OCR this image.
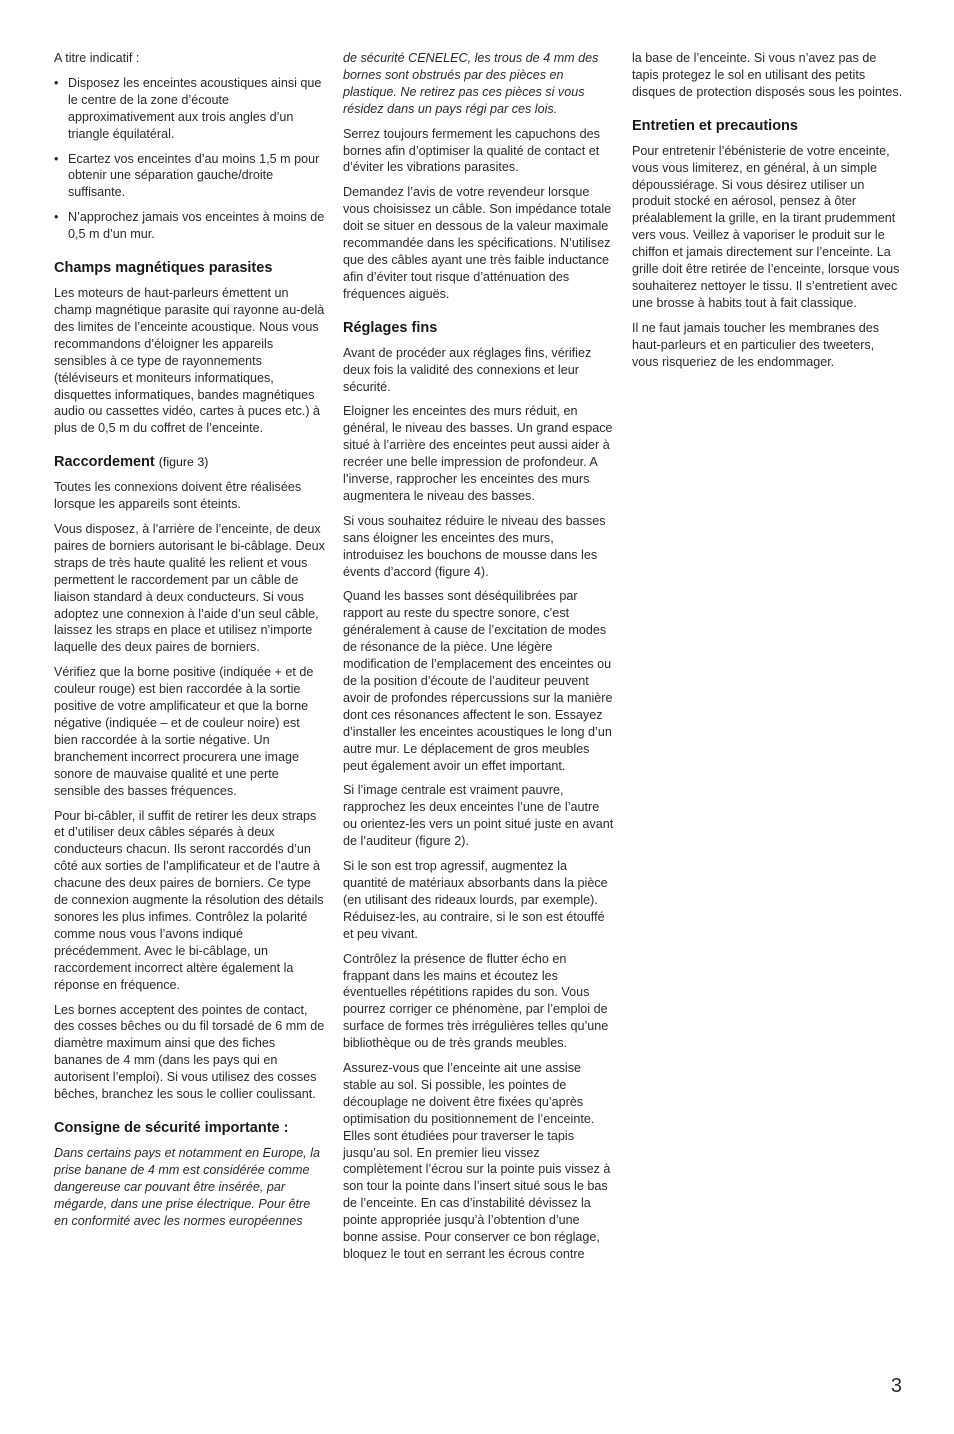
A titre indicatif :

• Disposez les enceintes acoustiques ainsi que le centre de la zone d’écoute approximativement aux trois angles d’un triangle équilatéral.
• Ecartez vos enceintes d’au moins 1,5 m pour obtenir une séparation gauche/droite suffisante.
• N’approchez jamais vos enceintes à moins de 0,5 m d’un mur.
Champs magnétiques parasites

Les moteurs de haut-parleurs émettent un champ magnétique parasite qui rayonne au-delà des limites de l’enceinte acoustique. Nous vous recommandons d’éloigner les appareils sensibles à ce type de rayonnements (téléviseurs et moniteurs informatiques, disquettes informatiques, bandes magnétiques audio ou cassettes vidéo, cartes à puces etc.) à plus de 0,5 m du coffret de l’enceinte.

Raccordement (figure 3)

Toutes les connexions doivent être réalisées lorsque les appareils sont éteints.

Vous disposez, à l’arrière de l’enceinte, de deux paires de borniers autorisant le bi-câblage. Deux straps de très haute qualité les relient et vous permettent le raccordement par un câble de liaison standard à deux conducteurs. Si vous adoptez une connexion à l’aide d’un seul câble, laissez les straps en place et utilisez n’importe laquelle des deux paires de borniers.

Vérifiez que la borne positive (indiquée + et de couleur rouge) est bien raccordée à la sortie positive de votre amplificateur et que la borne négative (indiquée – et de couleur noire) est bien raccordée à la sortie négative. Un branchement incorrect procurera une image sonore de mauvaise qualité et une perte sensible des basses fréquences.

Pour bi-câbler, il suffit de retirer les deux straps et d’utiliser deux câbles séparés à deux conducteurs chacun. Ils seront raccordés d’un côté aux sorties de l’amplificateur et de l’autre à chacune des deux paires de borniers. Ce type de connexion augmente la résolution des détails sonores les plus infimes. Contrôlez la polarité comme nous vous l’avons indiqué précédemment. Avec le bi-câblage, un raccordement incorrect altère également la réponse en fréquence.

Les bornes acceptent des pointes de contact, des cosses bêches ou du fil torsadé de 6 mm de diamètre maximum ainsi que des fiches bananes de 4 mm (dans les pays qui en autorisent l’emploi). Si vous utilisez des cosses bêches, branchez les sous le collier coulissant.

Consigne de sécurité importante :

Dans certains pays et notamment en Europe, la prise banane de 4 mm est considérée comme dangereuse car pouvant être insérée, par mégarde, dans une prise électrique. Pour être en conformité avec les normes européennes

de sécurité CENELEC, les trous de 4 mm des bornes sont obstrués par des pièces en plastique. Ne retirez pas ces pièces si vous résidez dans un pays régi par ces lois.

Serrez toujours fermement les capuchons des bornes afin d’optimiser la qualité de contact et d’éviter les vibrations parasites.

Demandez l’avis de votre revendeur lorsque vous choisissez un câble. Son impédance totale doit se situer en dessous de la valeur maximale recommandée dans les spécifications. N’utilisez que des câbles ayant une très faible inductance afin d’éviter tout risque d’atténuation des fréquences aiguës.

Réglages fins

Avant de procéder aux réglages fins, vérifiez deux fois la validité des connexions et leur sécurité.

Eloigner les enceintes des murs réduit, en général, le niveau des basses. Un grand espace situé à l’arrière des enceintes peut aussi aider à recréer une belle impression de profondeur. A l’inverse, rapprocher les enceintes des murs augmentera le niveau des basses.

Si vous souhaitez réduire le niveau des basses sans éloigner les enceintes des murs, introduisez les bouchons de mousse dans les évents d’accord (figure 4).

Quand les basses sont déséquilibrées par rapport au reste du spectre sonore, c’est généralement à cause de l’excitation de modes de résonance de la pièce. Une légère modification de l’emplacement des enceintes ou de la position d’écoute de l’auditeur peuvent avoir de profondes répercussions sur la manière dont ces résonances affectent le son. Essayez d’installer les enceintes acoustiques le long d’un autre mur. Le déplacement de gros meubles peut également avoir un effet important.

Si l’image centrale est vraiment pauvre, rapprochez les deux enceintes l’une de l’autre ou orientez-les vers un point situé juste en avant de l’auditeur (figure 2).

Si le son est trop agressif, augmentez la quantité de matériaux absorbants dans la pièce (en utilisant des rideaux lourds, par exemple). Réduisez-les, au contraire, si le son est étouffé et peu vivant.

Contrôlez la présence de flutter écho en frappant dans les mains et écoutez les éventuelles répétitions rapides du son. Vous pourrez corriger ce phénomène, par l’emploi de surface de formes très irrégulières telles qu’une bibliothèque ou de très grands meubles.

Assurez-vous que l’enceinte ait une assise stable au sol. Si possible, les pointes de découplage ne doivent être fixées qu’après optimisation du positionnement de l’enceinte. Elles sont étudiées pour traverser le tapis jusqu’au sol. En premier lieu vissez complètement l’écrou sur la pointe puis vissez à son tour la pointe dans l’insert situé sous le bas de l’enceinte. En cas d’instabilité dévissez la pointe appropriée jusqu’à l’obtention d’une bonne assise. Pour conserver ce bon réglage, bloquez le tout en serrant les écrous contre

la base de l’enceinte. Si vous n’avez pas de tapis protegez le sol en utilisant des petits disques de protection disposés sous les pointes.

Entretien et precautions

Pour entretenir l’ébénisterie de votre enceinte, vous vous limiterez, en général, à un simple dépoussiérage. Si vous désirez utiliser un produit stocké en aérosol, pensez à ôter préalablement la grille, en la tirant prudemment vers vous. Veillez à vaporiser le produit sur le chiffon et jamais directement sur l’enceinte. La grille doit être retirée de l’enceinte, lorsque vous souhaiterez nettoyer le tissu. Il s’entretient avec une brosse à habits tout à fait classique.

Il ne faut jamais toucher les membranes des haut-parleurs et en particulier des tweeters, vous risqueriez de les endommager.

3
